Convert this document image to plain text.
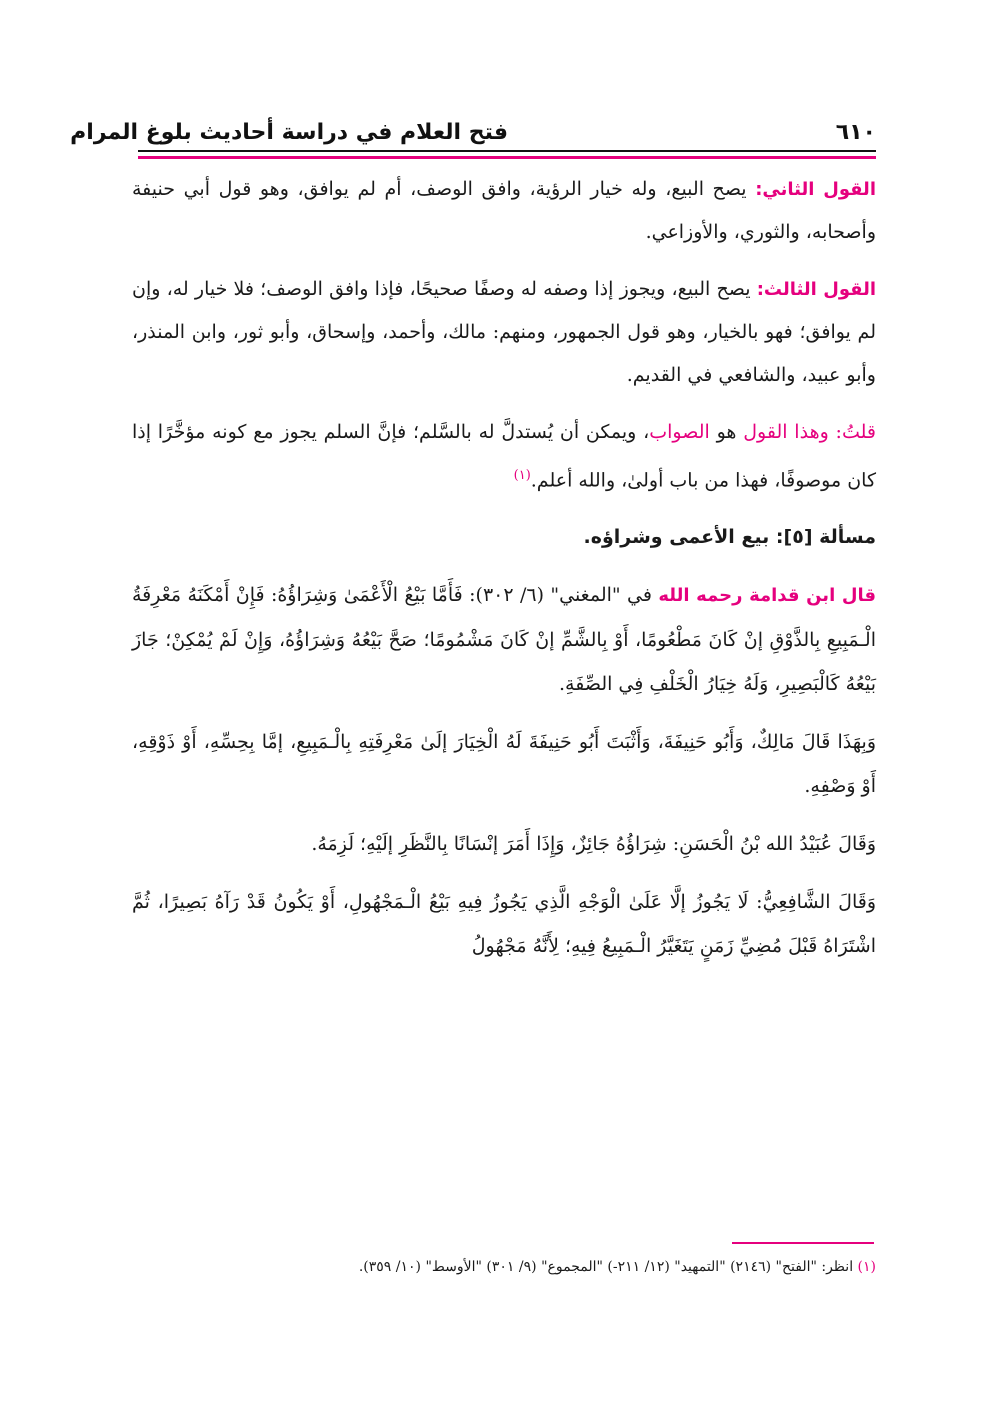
فتح العلام في دراسة أحاديث بلوغ المرام	٦١٠

القول الثاني: يصح البيع، وله خيار الرؤية، وافق الوصف، أم لم يوافق، وهو قول أبي حنيفة وأصحابه، والثوري، والأوزاعي.

القول الثالث: يصح البيع، ويجوز إذا وصفه له وصفًا صحيحًا، فإذا وافق الوصف؛ فلا خيار له، وإن لم يوافق؛ فهو بالخيار، وهو قول الجمهور، ومنهم: مالك، وأحمد، وإسحاق، وأبو ثور، وابن المنذر، وأبو عبيد، والشافعي في القديم.

قلتُ: وهذا القول هو الصواب، ويمكن أن يُستدلَّ له بالسَّلم؛ فإنَّ السلم يجوز مع كونه مؤخَّرًا إذا كان موصوفًا، فهذا من باب أولىٰ، والله أعلم.$^{(١)}$

مسألة [٥]: بيع الأعمى وشراؤه.

قال ابن قدامة رحمه الله في "المغني" (٦/ ٣٠٢): فَأَمَّا بَيْعُ الْأَعْمَىٰ وَشِرَاؤُهُ: فَإِنْ أَمْكَنَهُ مَعْرِفَةُ الْـمَبِيعِ بِالذَّوْقِ إنْ كَانَ مَطْعُومًا، أَوْ بِالشَّمِّ إنْ كَانَ مَشْمُومًا؛ صَحَّ بَيْعُهُ وَشِرَاؤُهُ، وَإِنْ لَمْ يُمْكِنْ؛ جَازَ بَيْعُهُ كَالْبَصِيرِ، وَلَهُ خِيَارُ الْخَلْفِ فِي الصِّفَةِ.

وَبِهَذَا قَالَ مَالِكٌ، وَأَبُو حَنِيفَةَ، وَأَثْبَتَ أَبُو حَنِيفَةَ لَهُ الْخِيَارَ إلَىٰ مَعْرِفَتِهِ بِالْـمَبِيعِ، إمَّا بِحِسِّهِ، أَوْ ذَوْقِهِ، أَوْ وَصْفِهِ.

وَقَالَ عُبَيْدُ الله بْنُ الْحَسَنِ: شِرَاؤُهُ جَائِزٌ، وَإِذَا أَمَرَ إنْسَانًا بِالنَّظَرِ إلَيْهِ؛ لَزِمَهُ.

وَقَالَ الشَّافِعِيُّ: لَا يَجُوزُ إلَّا عَلَىٰ الْوَجْهِ الَّذِي يَجُوزُ فِيهِ بَيْعُ الْـمَجْهُولِ، أَوْ يَكُونُ قَدْ رَآهُ بَصِيرًا، ثُمَّ اشْتَرَاهُ قَبْلَ مُضِيِّ زَمَنٍ يَتَغَيَّرُ الْـمَبِيعُ فِيهِ؛ لِأَنَّهُ مَجْهُولُ

(١) انظر: "الفتح" (٢١٤٦) "التمهيد" (١٢/ ٢١١-) "المجموع" (٩/ ٣٠١) "الأوسط" (١٠/ ٣٥٩).
